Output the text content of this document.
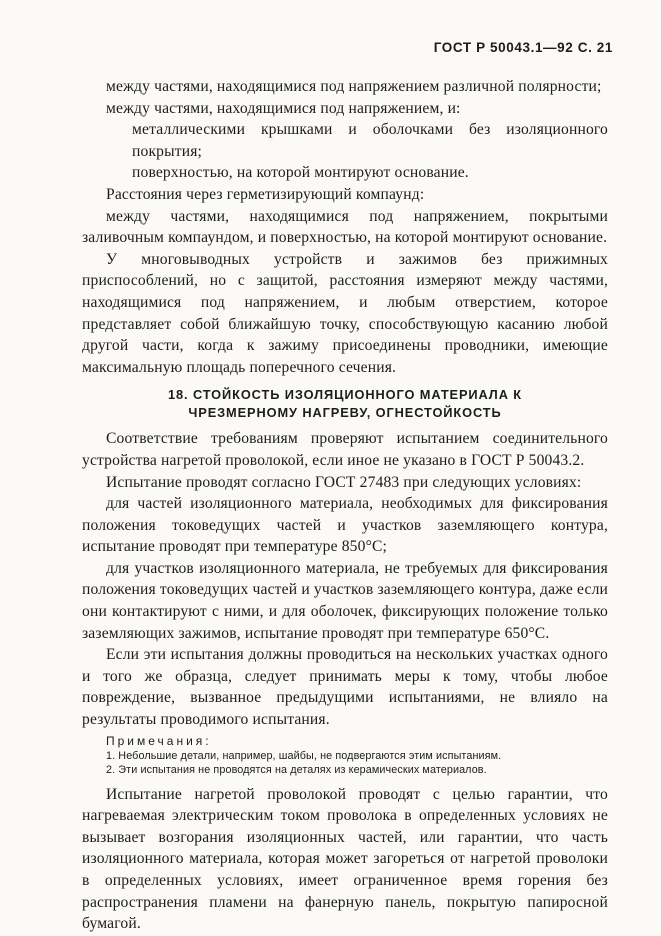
ГОСТ Р 50043.1—92 С. 21

между частями, находящимися под напряжением различной полярности;

между частями, находящимися под напряжением, и:

металлическими крышками и оболочками без изоляционного покрытия;

поверхностью, на которой монтируют основание.

Расстояния через герметизирующий компаунд:

между частями, находящимися под напряжением, покрытыми заливочным компаундом, и поверхностью, на которой монтируют основание.

У многовыводных устройств и зажимов без прижимных приспособлений, но с защитой, расстояния измеряют между частями, находящимися под напряжением, и любым отверстием, которое представляет собой ближайшую точку, способствующую касанию любой другой части, когда к зажиму присоединены проводники, имеющие максимальную площадь поперечного сечения.

18. СТОЙКОСТЬ ИЗОЛЯЦИОННОГО МАТЕРИАЛА К
ЧРЕЗМЕРНОМУ НАГРЕВУ, ОГНЕСТОЙКОСТЬ

Соответствие требованиям проверяют испытанием соединительного устройства нагретой проволокой, если иное не указано в ГОСТ Р 50043.2.

Испытание проводят согласно ГОСТ 27483 при следующих условиях:

для частей изоляционного материала, необходимых для фиксирования положения токоведущих частей и участков заземляющего контура, испытание проводят при температуре 850°С;

для участков изоляционного материала, не требуемых для фиксирования положения токоведущих частей и участков заземляющего контура, даже если они контактируют с ними, и для оболочек, фиксирующих положение только заземляющих зажимов, испытание проводят при температуре 650°С.

Если эти испытания должны проводиться на нескольких участках одного и того же образца, следует принимать меры к тому, чтобы любое повреждение, вызванное предыдущими испытаниями, не влияло на результаты проводимого испытания.

Примечания:
1. Небольшие детали, например, шайбы, не подвергаются этим испытаниям.
2. Эти испытания не проводятся на деталях из керамических материалов.

Испытание нагретой проволокой проводят с целью гарантии, что нагреваемая электрическим током проволока в определенных условиях не вызывает возгорания изоляционных частей, или гарантии, что часть изоляционного материала, которая может загореться от нагретой проволоки в определенных условиях, имеет ограниченное время горения без распространения пламени на фанерную панель, покрытую папиросной бумагой.
